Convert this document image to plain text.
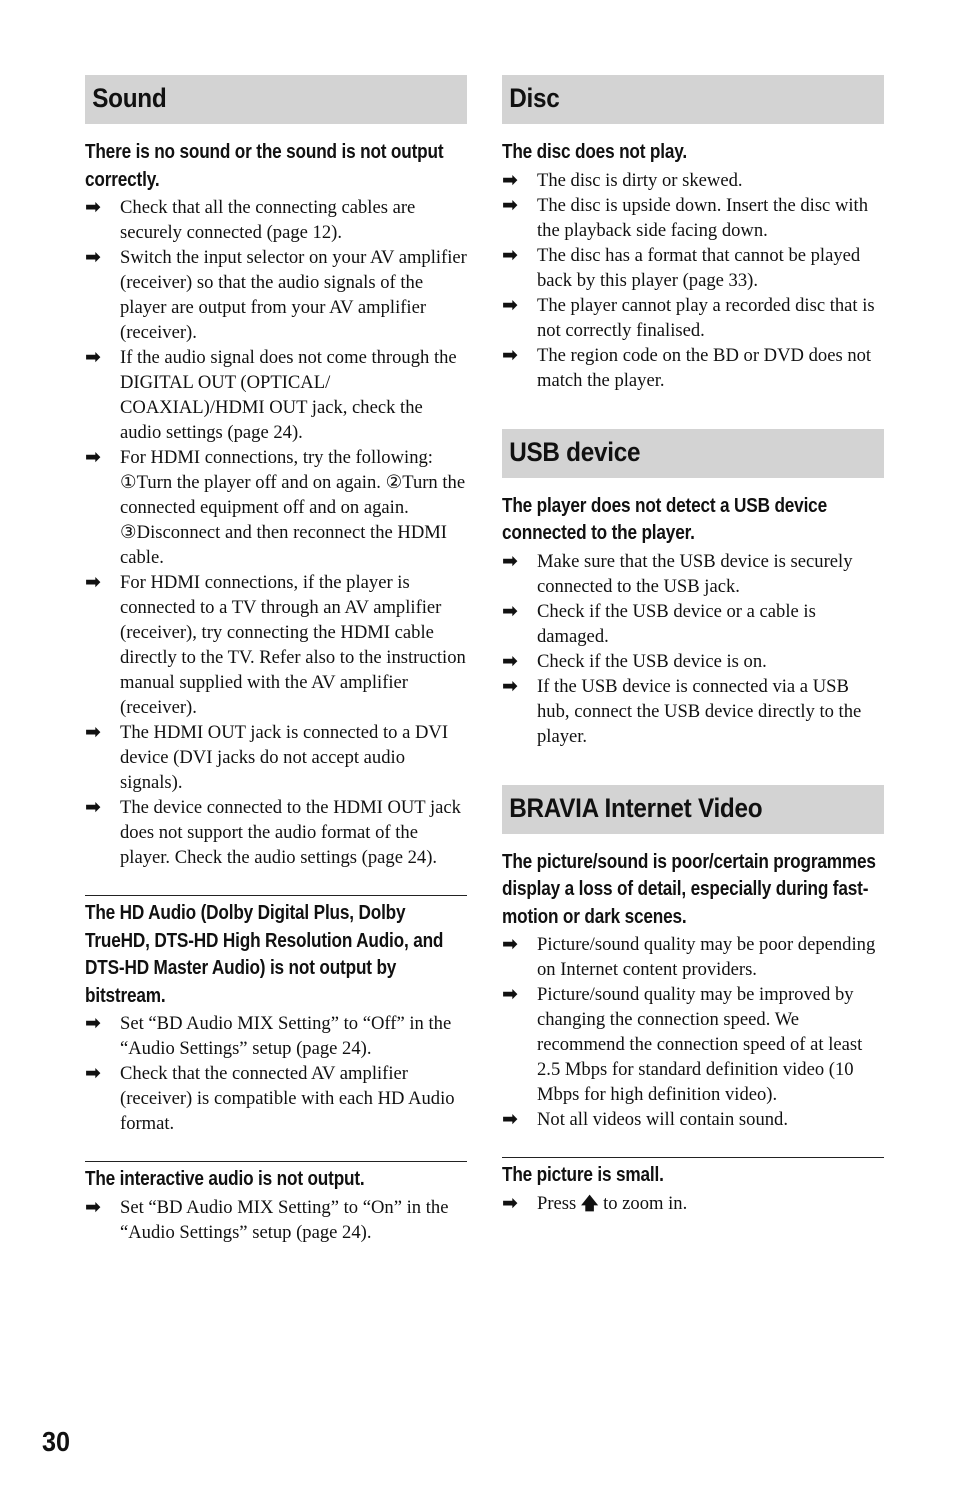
Sound
There is no sound or the sound is not output correctly.
➡	Check that all the connecting cables are securely connected (page 12).
➡	Switch the input selector on your AV amplifier (receiver) so that the audio signals of the player are output from your AV amplifier (receiver).
➡	If the audio signal does not come through the DIGITAL OUT (OPTICAL/ COAXIAL)/HDMI OUT jack, check the audio settings (page 24).
➡	For HDMI connections, try the following: ①Turn the player off and on again. ②Turn the connected equipment off and on again. ③Disconnect and then reconnect the HDMI cable.
➡	For HDMI connections, if the player is connected to a TV through an AV amplifier (receiver), try connecting the HDMI cable directly to the TV. Refer also to the instruction manual supplied with the AV amplifier (receiver).
➡	The HDMI OUT jack is connected to a DVI device (DVI jacks do not accept audio signals).
➡	The device connected to the HDMI OUT jack does not support the audio format of the player. Check the audio settings (page 24).
The HD Audio (Dolby Digital Plus, Dolby TrueHD, DTS-HD High Resolution Audio, and DTS-HD Master Audio) is not output by bitstream.
➡	Set “BD Audio MIX Setting” to “Off” in the “Audio Settings” setup (page 24).
➡	Check that the connected AV amplifier (receiver) is compatible with each HD Audio format.
The interactive audio is not output.
➡	Set “BD Audio MIX Setting” to “On” in the “Audio Settings” setup (page 24).
Disc
The disc does not play.
➡	The disc is dirty or skewed.
➡	The disc is upside down. Insert the disc with the playback side facing down.
➡	The disc has a format that cannot be played back by this player (page 33).
➡	The player cannot play a recorded disc that is not correctly finalised.
➡	The region code on the BD or DVD does not match the player.
USB device
The player does not detect a USB device connected to the player.
➡	Make sure that the USB device is securely connected to the USB jack.
➡	Check if the USB device or a cable is damaged.
➡	Check if the USB device is on.
➡	If the USB device is connected via a USB hub, connect the USB device directly to the player.
BRAVIA Internet Video
The picture/sound is poor/certain programmes display a loss of detail, especially during fast-motion or dark scenes.
➡	Picture/sound quality may be poor depending on Internet content providers.
➡	Picture/sound quality may be improved by changing the connection speed. We recommend the connection speed of at least 2.5 Mbps for standard definition video (10 Mbps for high definition video).
➡	Not all videos will contain sound.
The picture is small.
➡	Press 🡅 to zoom in.
30
